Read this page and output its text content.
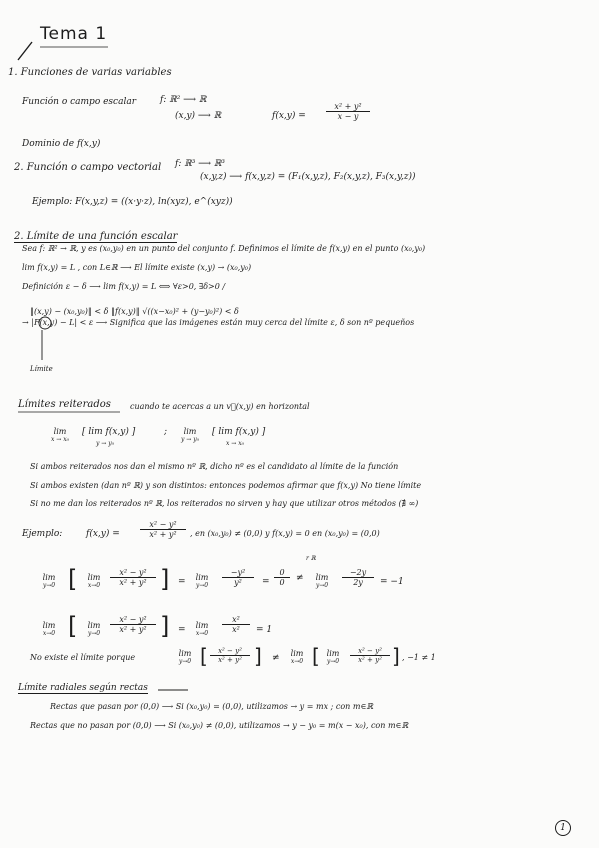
Tema 1
1. Funciones de varias variables
Función o campo escalar	f: ℝ² ⟶ ℝ
(x,y) ⟶ ℝ	f(x,y) =	$\frac{\text{x² + y²}}{x - y}$
Dominio de f(x,y)
2. Función o campo vectorial f: ℝ³ ⟶ ℝ³
(x,y,z) ⟶ f(x,y,z) = (F₁(x,y,z), F₂(x,y,z), F₃(x,y,z))
Ejemplo: F(x,y,z) = ((x·y·z), ln(xyz), e^(xyz))
2. Límite de una función escalar
Sea f: ℝ² → ℝ, y es (x₀,y₀) en un punto del conjunto f. Definimos el límite de f(x,y) en el punto (x₀,y₀)
lim f(x,y) = L , con L∈ℝ ⟶ El límite existe (x,y) → (x₀,y₀)
Definición ε − δ ⟶ lim f(x,y) = L ⟺ ∀ε>0, ∃δ>0 /
‖(x,y) − (x₀,y₀)‖ < δ ‖f(x,y)‖ √((x−x₀)² + (y−y₀)²) < δ
→ |F(x,y) − L| < ε ⟶ Significa que las imágenes están muy cerca del límite ε, δ son nº pequeños
Límite
Límites reiterados cuando te acercas a un v⃗(x,y) en horizontal
lim
x → x₀
[ lim f(x,y) ]
y → y₀
;	lim
y → y₀
[ lim f(x,y) ]
x → x₀
Si ambos reiterados nos dan el mismo nº ℝ, dicho nº es el candidato al límite de la función
Si ambos existen (dan nº ℝ) y son distintos: entonces podemos afirmar que f(x,y) No tiene límite
Si no me dan los reiterados nº ℝ, los reiterados no sirven y hay que utilizar otros métodos (∄ ∞)
Ejemplo:	f(x,y) =	$\frac{\text{x² − y²}}{\text{x² + y²}}$ , en (x₀,y₀) ≠ (0,0) y f(x,y) = 0 en (x₀,y₀) = (0,0)
lim
y→0 [	lim
x→0	$\frac{\text{x² − y²}}{\text{x² + y²}}$ ] =	lim
y→0	$\frac{\text{−y²}}{\text{y²}} = \frac{0}{0}$ ≠
r ℝ
lim
y→0	$\frac{-2y}{2y} = -1$
lim
x→0 [	lim
y→0	$\frac{\text{x² − y²}}{\text{x² + y²}}$ ] =	lim
x→0	$\frac{\text{x²}}{\text{x²}} = 1$
No existe el límite porque	lim
y→0 [ $\frac{\text{x² − y²}}{\text{x² + y²}}$ ] ≠	lim
x→0 [ lim
y→0	$\frac{\text{x² − y²}}{\text{x² + y²}}$ ] , −1 ≠ 1
Límite radiales según rectas
Rectas que pasan por (0,0) ⟶ Si (x₀,y₀) = (0,0), utilizamos → y = mx ; con m∈ℝ
Rectas que no pasan por (0,0) ⟶ Si (x₀,y₀) ≠ (0,0), utilizamos → y − y₀ = m(x − x₀), con m∈ℝ
1
